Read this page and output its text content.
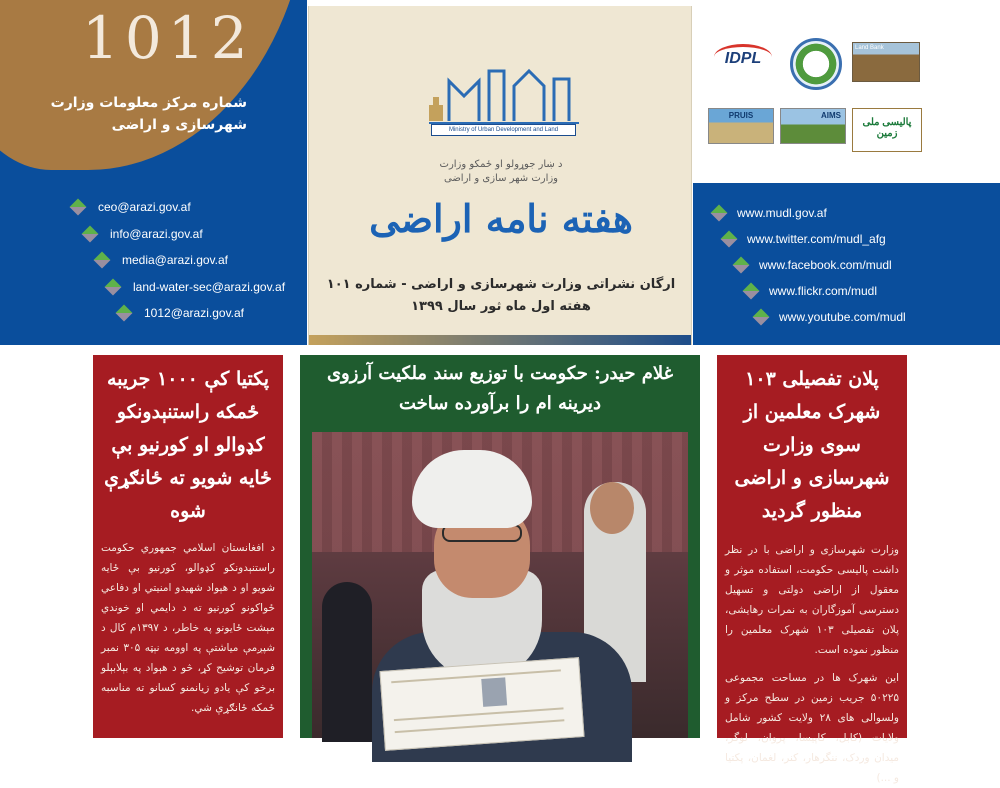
1012
شماره مرکز معلومات وزارت شهرسازی و اراضی
ceo@arazi.gov.af
info@arazi.gov.af
media@arazi.gov.af
land-water-sec@arazi.gov.af
1012@arazi.gov.af
Ministry of Urban Development and Land
د ښار جوړولو او ځمکو وزارت
وزارت شهر سازی و اراضی
هفته نامه اراضی
ارگان نشراتی وزارت شهرسازی و اراضی - شماره ۱۰۱
هفته اول ماه ثور سال ۱۳۹۹
IDPL
Land Bank
PRUIS	AIMS
پالیسی ملی زمین
www.mudl.gov.af
www.twitter.com/mudl_afg
www.facebook.com/mudl
www.flickr.com/mudl
www.youtube.com/mudl
پکتيا کې ۱۰۰۰ جريبه ځمکه راستنېدونکو کډوالو او کورنيو بې ځايه شويو ته ځانګړې شوه

د افغانستان اسلامي جمهوري حکومت راستنېدونکو کډوالو، کورنيو بې ځايه شويو او د هېواد شهيدو امنيتي او دفاعي ځواکونو کورنيو ته د دايمي او خوندي مېشت ځايونو په خاطر، د ۱۳۹۷م کال د شپږمې مياشتې په اوومه نېټه ۳۰۵ نمبر فرمان توشيح کړ، څو د هېواد په بېلابېلو برخو کې يادو زيانمنو کسانو ته مناسبه ځمکه ځانګړې شي.

غلام حیدر: حکومت با توزیع سند ملکیت آرزوی دیرینه ام را برآورده ساخت
پلان تفصیلی ۱۰۳ شهرک معلمین از سوی وزارت شهرسازی و اراضی منظور گردید

وزارت شهرسازی و اراضی با در نظر داشت پالیسی حکومت، استفاده موثر و معقول از اراضی دولتی و تسهیل دسترسی آموزگاران به نمرات رهایشی، پلان تفصیلی ۱۰۳ شهرک معلمین را منظور نموده است.

این شهرک ها در مساحت مجموعی ۵۰۲۲۵ جریب زمین در سطح مرکز و ولسوالی های ۲۸ ولایت کشور شامل ولایات (کابل، کاپیسا، پروان، لوگر، میدان وردک، ننگرهار، کنر، لغمان، پکتیا و ...)
